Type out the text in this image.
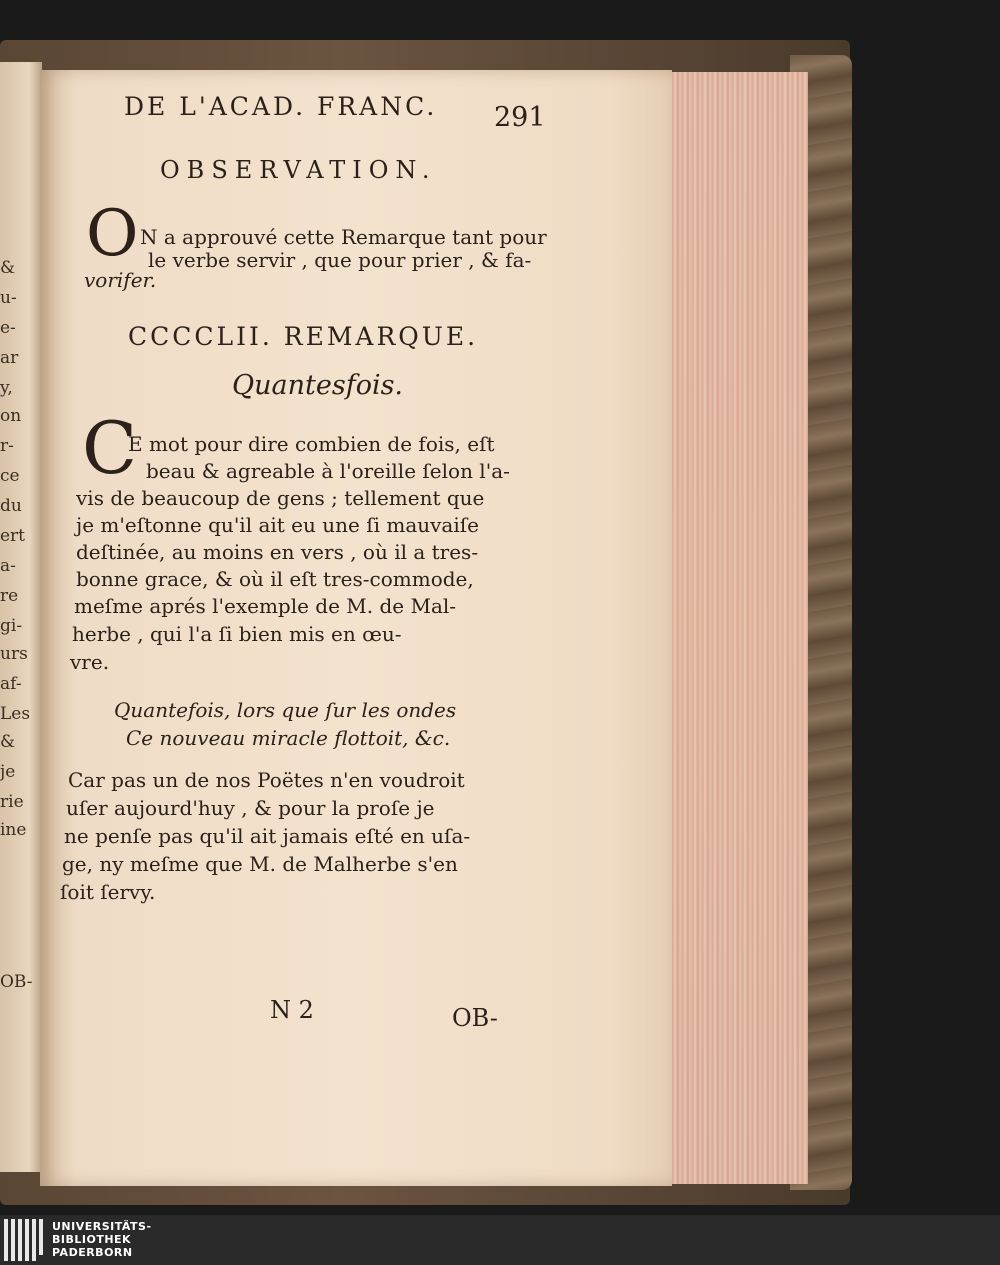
&
u-
e-
ar
y,
on
r-
ce
du
ert
a-
re
gi-
urs
af-
Les
&
je
rie
ine
OB-
DE L'ACAD. FRANC. 291
OBSERVATION.
O N a approuvé cette Remarque tant pour
le verbe servir , que pour prier , & fa-
vorifer.
CCCCLII. REMARQUE.
Quantesfois.
C
E mot pour dire combien de fois, eſt
beau & agreable à l'oreille ſelon l'a-
vis de beaucoup de gens ; tellement que
je m'eſtonne qu'il ait eu une ſi mauvaiſe
deſtinée, au moins en vers , où il a tres-
bonne grace, & où il eſt tres-commode,
meſme aprés l'exemple de M. de Mal-
herbe , qui l'a ſi bien mis en œu-
vre.
Quantefois, lors que ſur les ondes
Ce nouveau miracle flottoit, &c.
Car pas un de nos Poëtes n'en voudroit
uſer aujourd'huy , & pour la proſe je
ne penſe pas qu'il ait jamais eſté en uſa-
ge, ny meſme que M. de Malherbe s'en
ſoit ſervy.
N 2	OB-
UNIVERSITÄTS-
BIBLIOTHEK
PADERBORN
